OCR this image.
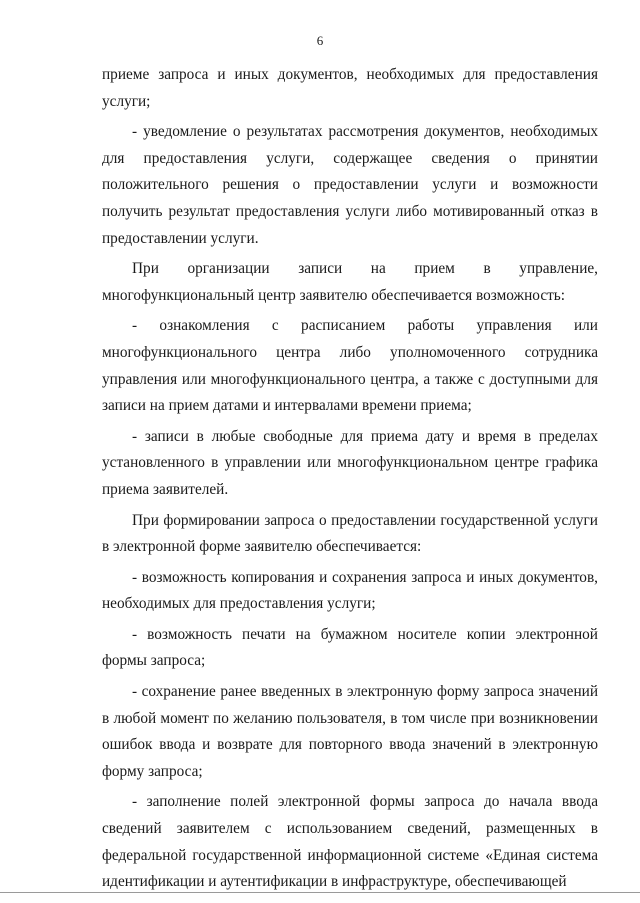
6

приеме запроса и иных документов, необходимых для предоставления услуги;

- уведомление о результатах рассмотрения документов, необходимых для предоставления услуги, содержащее сведения о принятии положительного решения о предоставлении услуги и возможности получить результат предоставления услуги либо мотивированный отказ в предоставлении услуги.

При организации записи на прием в управление, многофункциональный центр заявителю обеспечивается возможность:

- ознакомления с расписанием работы управления или многофункционального центра либо уполномоченного сотрудника управления или многофункционального центра, а также с доступными для записи на прием датами и интервалами времени приема;

- записи в любые свободные для приема дату и время в пределах установленного в управлении или многофункциональном центре графика приема заявителей.

При формировании запроса о предоставлении государственной услуги в электронной форме заявителю обеспечивается:

- возможность копирования и сохранения запроса и иных документов, необходимых для предоставления услуги;

- возможность печати на бумажном носителе копии электронной формы запроса;

- сохранение ранее введенных в электронную форму запроса значений в любой момент по желанию пользователя, в том числе при возникновении ошибок ввода и возврате для повторного ввода значений в электронную форму запроса;

- заполнение полей электронной формы запроса до начала ввода сведений заявителем с использованием сведений, размещенных в федеральной государственной информационной системе «Единая система идентификации и аутентификации в инфраструктуре, обеспечивающей
